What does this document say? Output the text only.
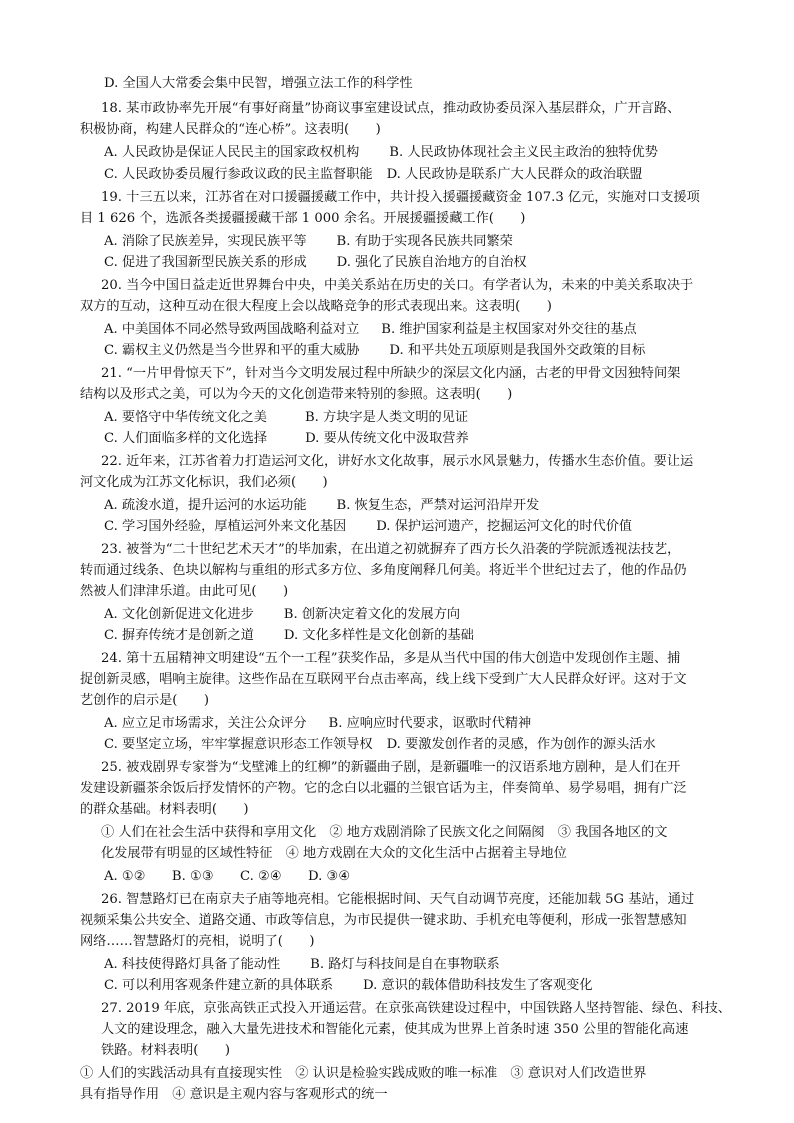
D. 全国人大常委会集中民智，增强立法工作的科学性
18. 某市政协率先开展“有事好商量”协商议事室建设试点，推动政协委员深入基层群众，广开言路、
积极协商，构建人民群众的“连心桥”。这表明(　　)
A. 人民政协是保证人民民主的国家政权机构 B. 人民政协体现社会主义民主政治的独特优势
C. 人民政协委员履行参政议政的民主监督职能 D. 人民政协是联系广大人民群众的政治联盟
19. 十三五以来，江苏省在对口援疆援藏工作中，共计投入援疆援藏资金 107.3 亿元，实施对口支援项
目 1 626 个，选派各类援疆援藏干部 1 000 余名。开展援疆援藏工作(　　)
A. 消除了民族差异，实现民族平等 B. 有助于实现各民族共同繁荣
C. 促进了我国新型民族关系的形成 D. 强化了民族自治地方的自治权
20. 当今中国日益走近世界舞台中央，中美关系站在历史的关口。有学者认为，未来的中美关系取决于
双方的互动，这种互动在很大程度上会以战略竞争的形式表现出来。这表明(　　)
A. 中美国体不同必然导致两国战略利益对立 B. 维护国家利益是主权国家对外交往的基点
C. 霸权主义仍然是当今世界和平的重大威胁 D. 和平共处五项原则是我国外交政策的目标
21. “一片甲骨惊天下”，针对当今文明发展过程中所缺少的深层文化内涵，古老的甲骨文因独特间架
结构以及形式之美，可以为今天的文化创造带来特别的参照。这表明(　　)
A. 要恪守中华传统文化之美	B. 方块字是人类文明的见证
C. 人们面临多样的文化选择	D. 要从传统文化中汲取营养
22. 近年来，江苏省着力打造运河文化，讲好水文化故事，展示水风景魅力，传播水生态价值。要让运
河文化成为江苏文化标识，我们必须(　　)
A. 疏浚水道，提升运河的水运功能 B. 恢复生态，严禁对运河沿岸开发
C. 学习国外经验，厚植运河外来文化基因 D. 保护运河遗产，挖掘运河文化的时代价值
23. 被誉为“二十世纪艺术天才”的毕加索，在出道之初就摒弃了西方长久沿袭的学院派透视法技艺，
转而通过线条、色块以解构与重组的形式多方位、多角度阐释几何美。将近半个世纪过去了，他的作品仍
然被人们津津乐道。由此可见(　　)
A. 文化创新促进文化进步 B. 创新决定着文化的发展方向
C. 摒弃传统才是创新之道 D. 文化多样性是文化创新的基础
24. 第十五届精神文明建设“五个一工程”获奖作品，多是从当代中国的伟大创造中发现创作主题、捕
捉创新灵感，唱响主旋律。这些作品在互联网平台点击率高，线上线下受到广大人民群众好评。这对于文
艺创作的启示是(　　)
A. 应立足市场需求，关注公众评分 B. 应响应时代要求，讴歌时代精神
C. 要坚定立场，牢牢掌握意识形态工作领导权 D. 要激发创作者的灵感，作为创作的源头活水
25. 被戏剧界专家誉为“戈壁滩上的红柳”的新疆曲子剧，是新疆唯一的汉语系地方剧种，是人们在开
发建设新疆茶余饭后抒发情怀的产物。它的念白以北疆的兰银官话为主，伴奏简单、易学易唱，拥有广泛
的群众基础。材料表明(　　)
① 人们在社会生活中获得和享用文化　② 地方戏剧消除了民族文化之间隔阂　③ 我国各地区的文
化发展带有明显的区域性特征　④ 地方戏剧在大众的文化生活中占据着主导地位
A. ①②　　B. ①③　　C. ②④　　D. ③④
26. 智慧路灯已在南京夫子庙等地亮相。它能根据时间、天气自动调节亮度，还能加载 5G 基站，通过
视频采集公共安全、道路交通、市政等信息，为市民提供一键求助、手机充电等便利，形成一张智慧感知
网络……智慧路灯的亮相，说明了(　　)
A. 科技使得路灯具备了能动性 B. 路灯与科技间是自在事物联系
C. 可以利用客观条件建立新的具体联系 D. 意识的载体借助科技发生了客观变化
27. 2019 年底，京张高铁正式投入开通运营。在京张高铁建设过程中，中国铁路人坚持智能、绿色、科技、
人文的建设理念，融入大量先进技术和智能化元素，使其成为世界上首条时速 350 公里的智能化高速
铁路。材料表明(　　)
① 人们的实践活动具有直接现实性　② 认识是检验实践成败的唯一标准　③ 意识对人们改造世界
具有指导作用　④ 意识是主观内容与客观形式的统一
